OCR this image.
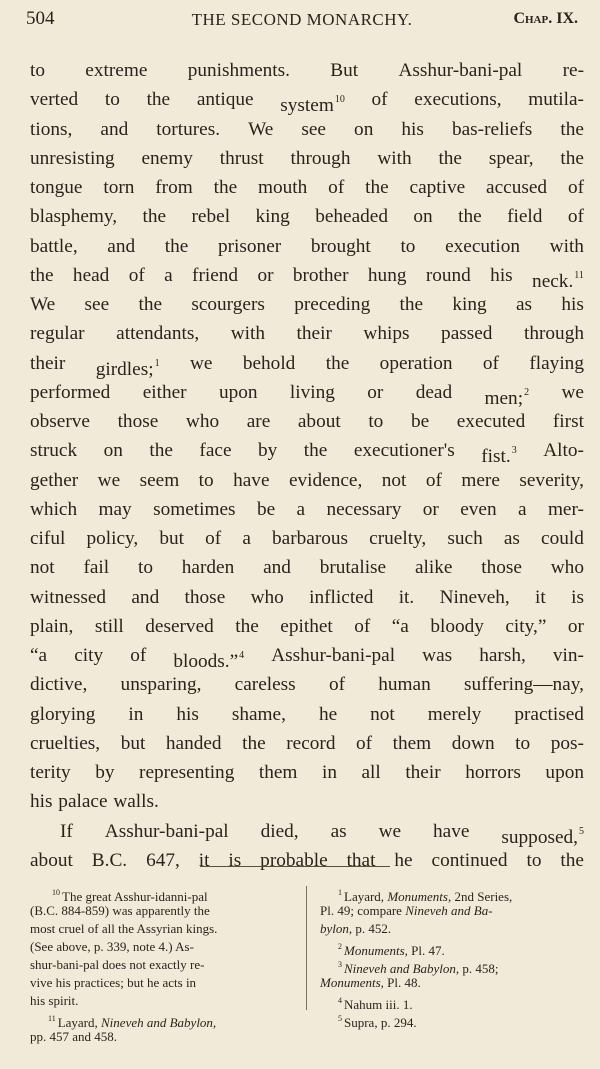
504	THE SECOND MONARCHY.	Chap. IX.
to extreme punishments. But Asshur-bani-pal re-
verted to the antique system$^{10}$ of executions, mutila-
tions, and tortures. We see on his bas-reliefs the
unresisting enemy thrust through with the spear, the
tongue torn from the mouth of the captive accused of
blasphemy, the rebel king beheaded on the field of
battle, and the prisoner brought to execution with
the head of a friend or brother hung round his neck.$^{11}$
We see the scourgers preceding the king as his
regular attendants, with their whips passed through
their girdles;$^1$ we behold the operation of flaying
performed either upon living or dead men;$^2$ we
observe those who are about to be executed first
struck on the face by the executioner's fist.$^3$ Alto-
gether we seem to have evidence, not of mere severity,
which may sometimes be a necessary or even a mer-
ciful policy, but of a barbarous cruelty, such as could
not fail to harden and brutalise alike those who
witnessed and those who inflicted it. Nineveh, it is
plain, still deserved the epithet of “a bloody city,” or
“a city of bloods.”$^4$ Asshur-bani-pal was harsh, vin-
dictive, unsparing, careless of human suffering—nay,
glorying in his shame, he not merely practised
cruelties, but handed the record of them down to pos-
terity by representing them in all their horrors upon
his palace walls.
If Asshur-bani-pal died, as we have supposed,$^5$
about B.C. 647, it is probable that he continued to the
$^{10}$ The great Asshur-idanni-pal
(B.C. 884-859) was apparently the
most cruel of all the Assyrian kings.
(See above, p. 339, note 4.) As-
shur-bani-pal does not exactly re-
vive his practices; but he acts in
his spirit.
$^{11}$ Layard, Nineveh and Babylon,
pp. 457 and 458.
$^1$ Layard, Monuments, 2nd Series,
Pl. 49; compare Nineveh and Ba-
bylon, p. 452.
$^2$ Monuments, Pl. 47.
$^3$ Nineveh and Babylon, p. 458;
Monuments, Pl. 48.
$^4$ Nahum iii. 1.
$^5$ Supra, p. 294.
